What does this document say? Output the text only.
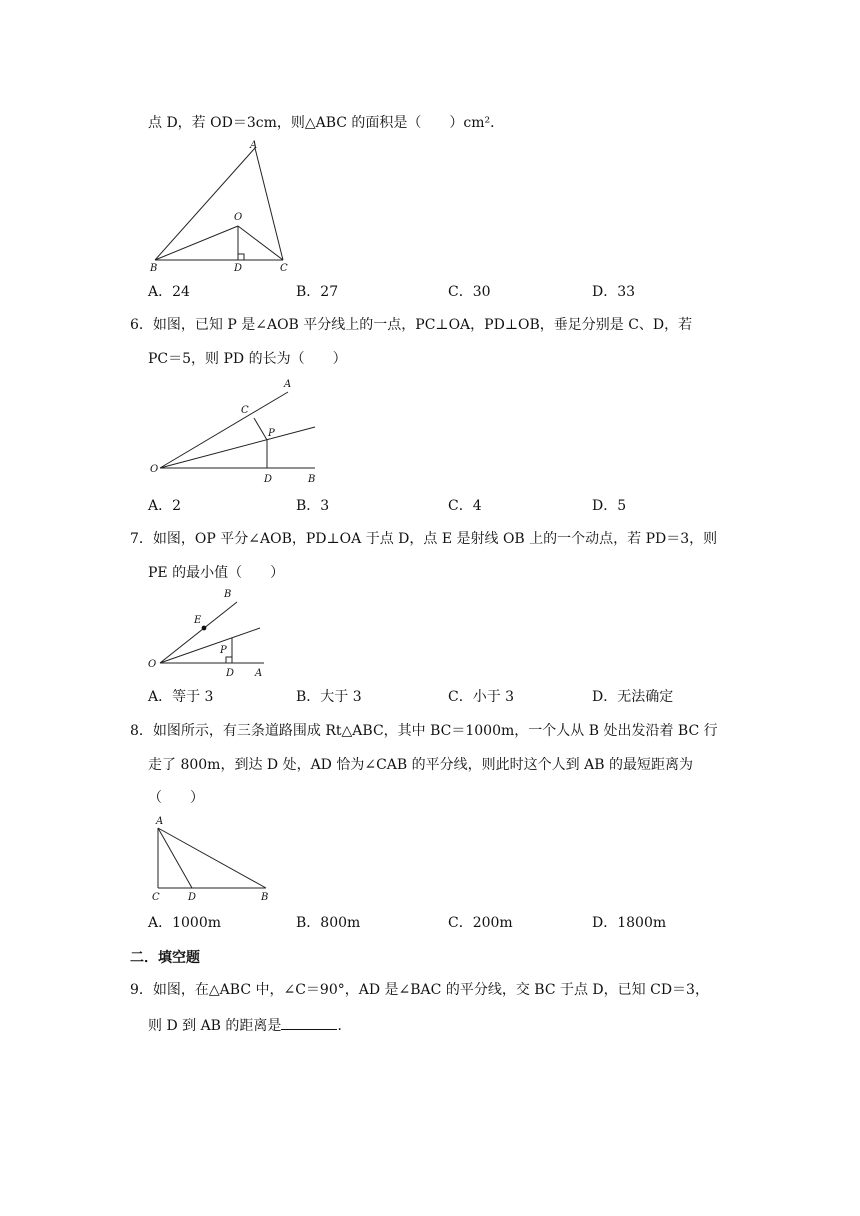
点 D，若 OD＝3cm，则△ABC 的面积是（　　）cm²．
A
O
B	D	C
A．24	B．27	C．30	D．33
6．如图，已知 P 是∠AOB 平分线上的一点，PC⊥OA，PD⊥OB，垂足分别是 C、D，若
PC＝5，则 PD 的长为（　　）
A
C
P
O
D	B
A．2	B．3	C．4	D．5
7．如图，OP 平分∠AOB，PD⊥OA 于点 D，点 E 是射线 OB 上的一个动点，若 PD＝3，则
PE 的最小值（　　）
B
E
P
O
D A
A．等于 3	B．大于 3	C．小于 3	D．无法确定
8．如图所示，有三条道路围成 Rt△ABC，其中 BC＝1000m，一个人从 B 处出发沿着 BC 行
走了 800m，到达 D 处，AD 恰为∠CAB 的平分线，则此时这个人到 AB 的最短距离为
（　　）
A
C	D	B
A．1000m	B．800m	C．200m	D．1800m
二．填空题
9．如图，在△ABC 中，∠C＝90°，AD 是∠BAC 的平分线，交 BC 于点 D，已知 CD＝3，
则 D 到 AB 的距离是	．
